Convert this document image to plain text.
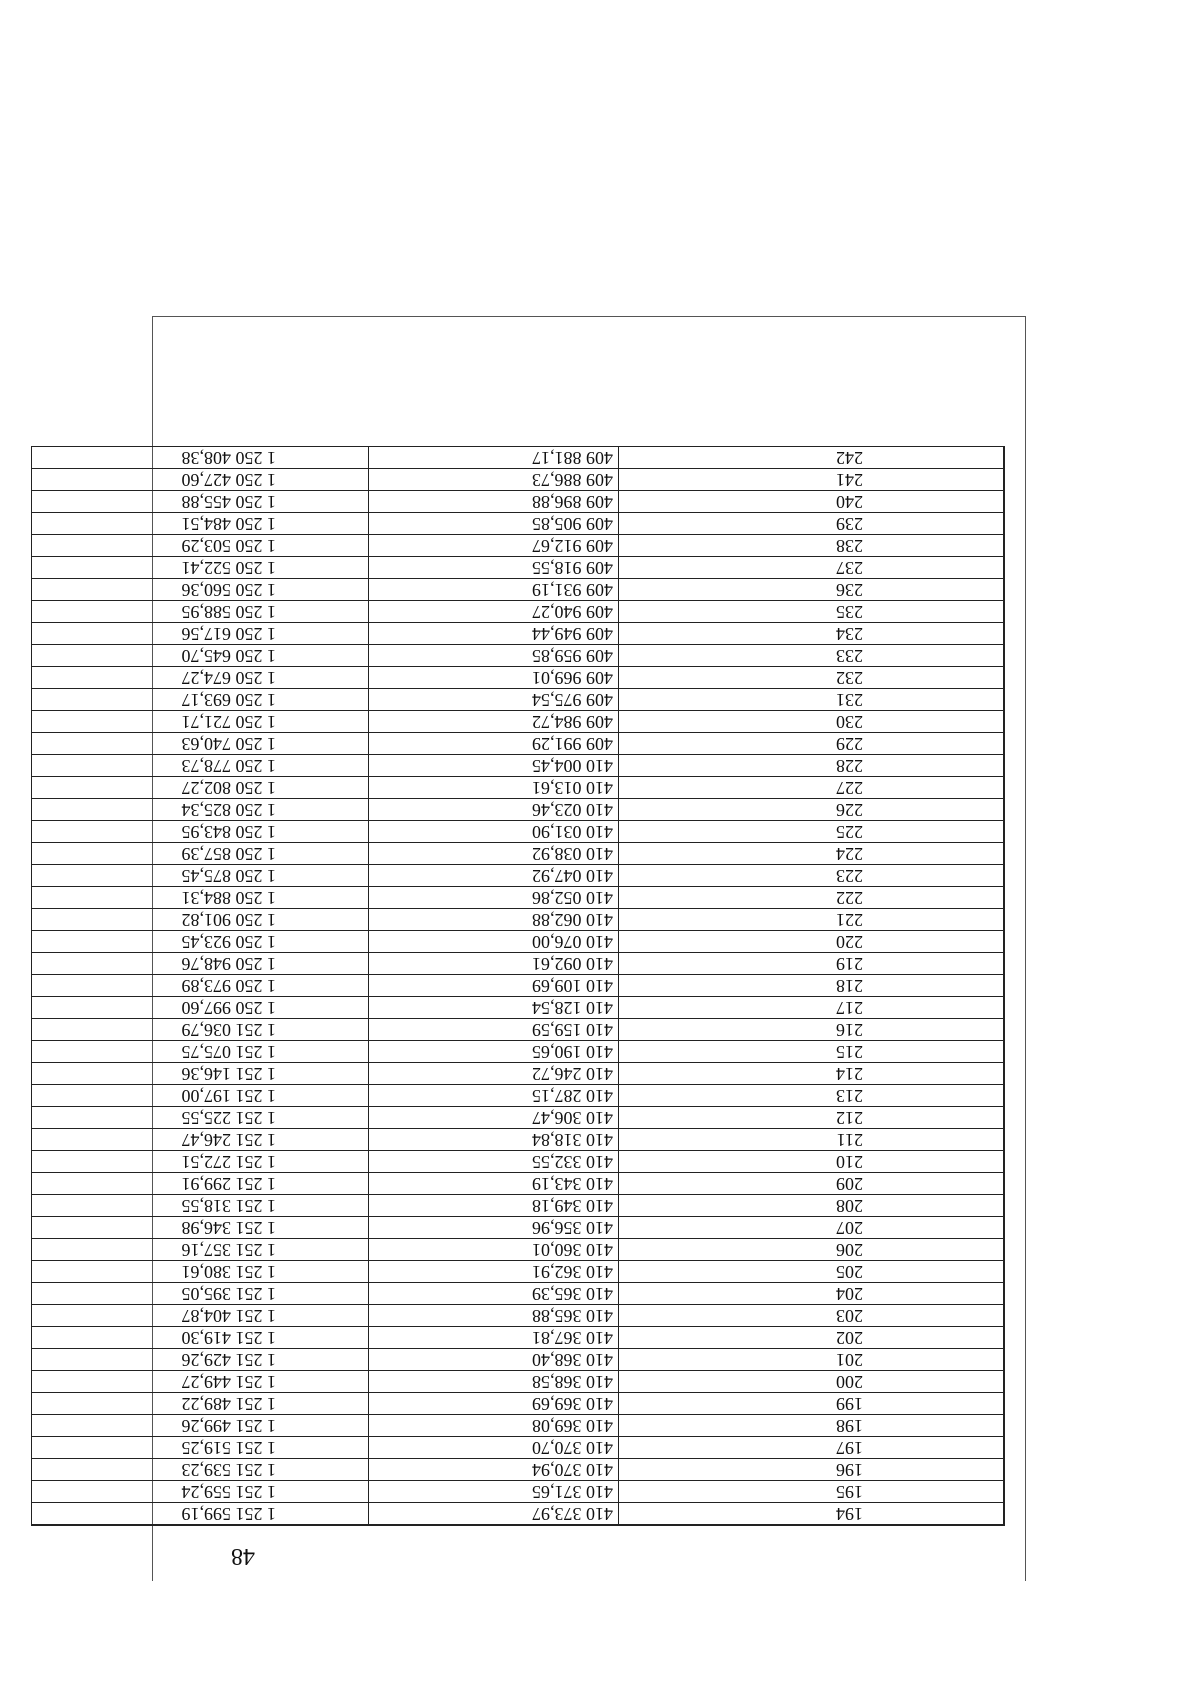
48
194	410 373,97	1 251 599,19
195	410 371,65	1 251 559,24
196	410 370,94	1 251 539,23
197	410 370,70	1 251 519,25
198	410 369,08	1 251 499,26
199	410 369,69	1 251 489,22
200	410 368,58	1 251 449,27
201	410 368,40	1 251 429,26
202	410 367,81	1 251 419,30
203	410 365,88	1 251 404,87
204	410 365,39	1 251 395,05
205	410 362,91	1 251 380,61
206	410 360,01	1 251 357,16
207	410 356,96	1 251 346,98
208	410 349,18	1 251 318,55
209	410 343,19	1 251 299,91
210	410 332,55	1 251 272,51
211	410 318,84	1 251 246,47
212	410 306,47	1 251 225,55
213	410 287,15	1 251 197,00
214	410 246,72	1 251 146,36
215	410 190,65	1 251 075,75
216	410 159,59	1 251 036,79
217	410 128,54	1 250 997,60
218	410 109,69	1 250 973,89
219	410 092,61	1 250 948,76
220	410 076,00	1 250 923,45
221	410 062,88	1 250 901,82
222	410 052,86	1 250 884,31
223	410 047,92	1 250 875,45
224	410 038,92	1 250 857,39
225	410 031,90	1 250 843,95
226	410 023,46	1 250 825,34
227	410 013,61	1 250 802,27
228	410 004,45	1 250 778,73
229	409 991,29	1 250 740,63
230	409 984,72	1 250 721,71
231	409 975,54	1 250 693,17
232	409 969,01	1 250 674,27
233	409 959,85	1 250 645,70
234	409 949,44	1 250 617,56
235	409 940,27	1 250 588,95
236	409 931,19	1 250 560,36
237	409 918,55	1 250 522,41
238	409 912,67	1 250 503,29
239	409 905,85	1 250 484,51
240	409 896,88	1 250 455,88
241	409 886,73	1 250 427,60
242	409 881,17	1 250 408,38
